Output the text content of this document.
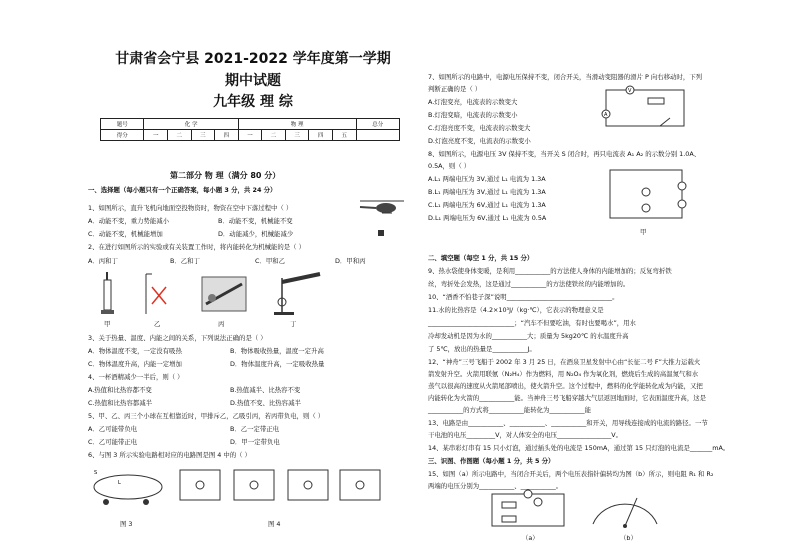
甘肃省会宁县 2021-2022 学年度第一学期
期中试题
九年级 理 综
题号	化 学				物 理					总分
得分	一	二	三	四	一	二	三	四	五	
第二部分 物 理（满分 80 分）
一、选择题（每小题只有一个正确答案，每小题 3 分，共 24 分）
1、如图所示，直升飞机向地面空投物资时，物资在空中下落过程中（ ）
A．动能不变，重力势能减小	B．动能不变，机械能不变
C．动能不变，机械能增加	D．动能减少，机械能减少
2、在进行如图所示的实验或有关装置工作时，将内能转化为机械能的是（ ）
A．丙和丁	B．乙和丁	C．甲和乙	D．甲和丙
甲	乙	丙	丁
3、关于热量、温度、内能之间的关系，下列说法正确的是（ ）
A．物体温度不变，一定没有吸热	B．物体吸收热量，温度一定升高
C．物体温度升高，内能一定增加	D．物体温度升高，一定吸收热量
4、一杯酒精减少一半后，则（ ）
A.热值和比热容都不变	B.热值减半、比热容不变
C.热值和比热容都减半	D.热值不变、比热容减半
5、甲、乙、丙三个小球在互相靠近时，甲排斥乙，乙吸引丙，若丙带负电，则（ ）
A．乙可能带负电	B．乙一定带正电
C．乙可能带正电	D．甲一定带负电
6、与图 3 所示实验电路相对应的电路图是图 4 中的（ ）
L
S
图 3	图 4
7、如图所示的电路中，电源电压保持不变，闭合开关，当滑动变阻器的滑片 P 向右移动时，下列
判断正确的是（ ）
A.灯泡变亮，电流表的示数变大
B.灯泡变暗，电流表的示数变小
C.灯泡亮度不变，电流表的示数变大
D.灯泡亮度不变，电流表的示数变小
V
A
8、如图所示，电源电压 3V 保持不变，当开关 S 闭合时，再只电流表 A₁ A₂ 的示数分别 1.0A、
0.5A，则（ ）
A.L₁ 两端电压为 3V,通过 L₁ 电流为 1.3A
B.L₁ 两端电压为 3V,通过 L₁ 电流为 1.3A
C.L₁ 两端电压为 6V,通过 L₁ 电流为 1.3A
D.L₁ 两端电压为 6V,通过 L₁ 电流为 0.5A
甲
二、填空题（每空 1 分，共 15 分）
9、热水袋使身体变暖，是利用___________的方法使人身体的内能增加的；反复弯折铁
丝，弯折处会发热，这是通过___________的方法使铁丝的内能增加的。
10、“酒香不怕巷子深”说明_________________________________。
11.水的比热容是（4.2×10³J/（kg·℃），它表示的物理意义是
___________________________；“汽车不但要吃油，有时也要喝水”，用水
冷却发动机是因为水的___________大；质量为 5kg20℃ 的水温度升高
了 5℃，放出的热量是___________J。
12、“神舟”三号飞船于 2002 年 3 月 25 日，在酒泉卫星发射中心由“长征二号 F”大推力运载火
箭发射升空。火箭用联氨（N₂H₄）作为燃料，用 N₂O₄ 作为氧化剂，燃烧后生成的高温氮气和水
蒸气以很高的速度从火箭尾部喷出，使火箭升空。这个过程中，燃料的化学能转化成为内能，又把
内能转化为火箭的___________能。当神舟三号飞船穿越大气层返回地面时，它表面温度升高，这是
___________的方式将___________能转化为___________能
13、电路是由___________、___________、___________和开关，用导线连接成的电流的路径。一节
干电池的电压_________V，对人体安全的电压_________________V。
14、某串彩灯串有 15 只小灯泡，通过插头处的电流是 150mA，通过第 15 只灯泡的电流是_______mA。
三、识图、作图题（每小题 1 分，共 5 分）
15、如图（a）所示电路中，当闭合开关后，两个电压表指针偏转均为图（b）所示，则电阻 R₁ 和 R₂
两端的电压分别为___________、___________。
（a）	（b）
